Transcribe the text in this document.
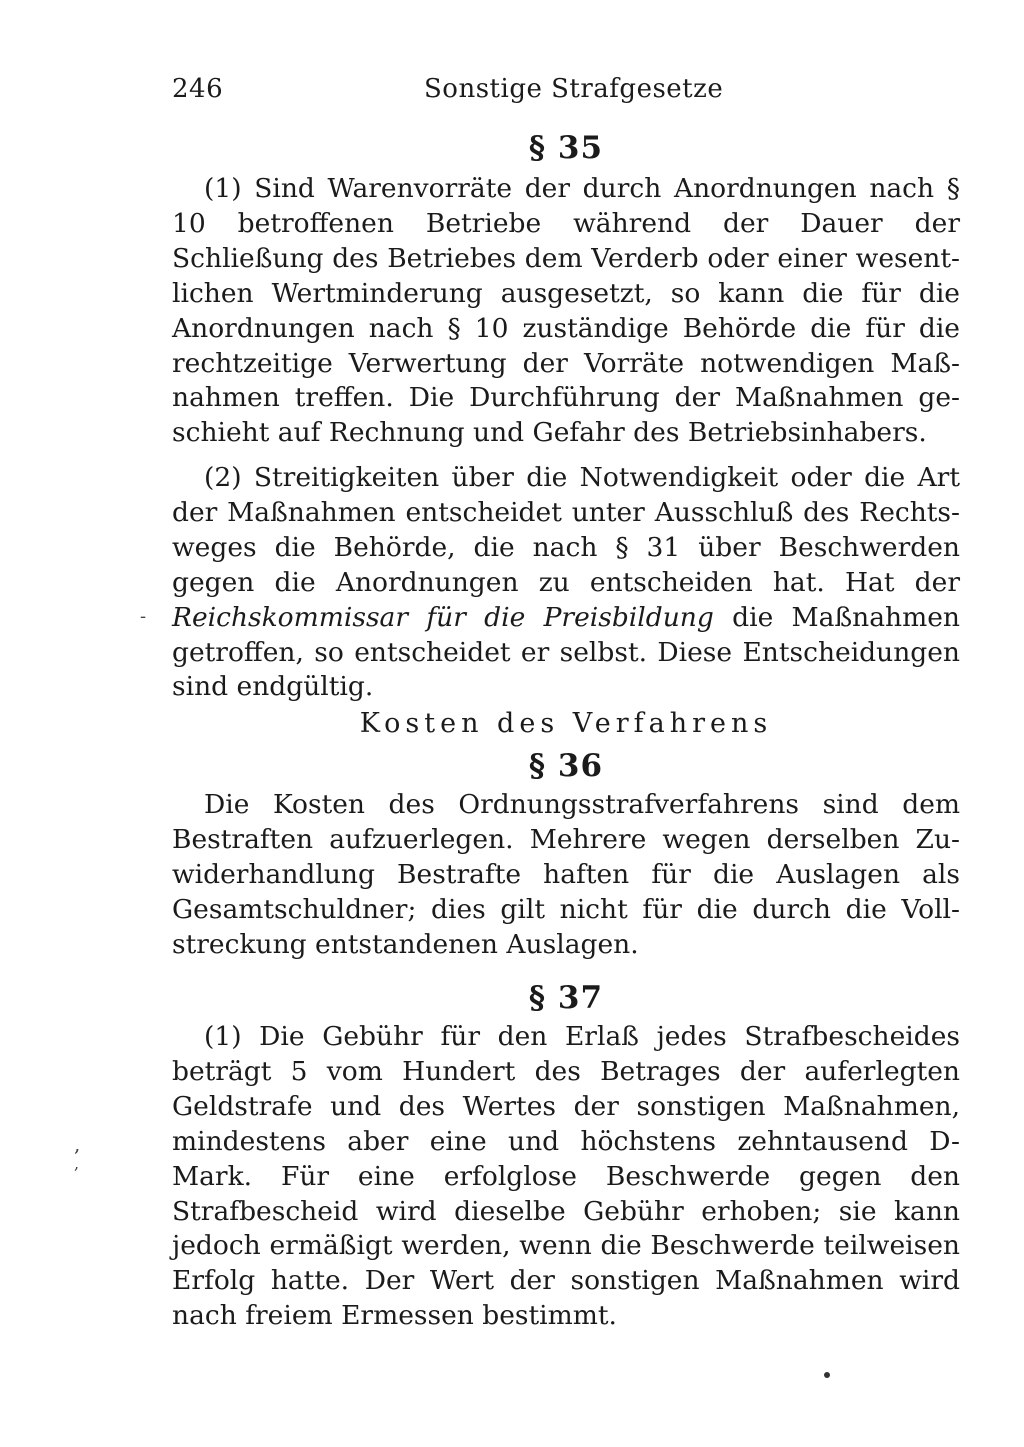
246	Sonstige Strafgesetze
§ 35

(1) Sind Warenvorräte der durch Anordnungen nach § 10 betroffenen Betriebe während der Dauer der Schließung des Betriebes dem Verderb oder einer wesentlichen Wertminderung ausgesetzt, so kann die für die Anordnungen nach § 10 zuständige Behörde die für die rechtzeitige Verwertung der Vorräte notwendigen Maßnahmen treffen. Die Durchführung der Maßnahmen geschieht auf Rechnung und Gefahr des Betriebsinhabers.

(2) Streitigkeiten über die Notwendigkeit oder die Art der Maßnahmen entscheidet unter Ausschluß des Rechtsweges die Behörde, die nach § 31 über Beschwerden gegen die Anordnungen zu entscheiden hat. Hat der Reichskommissar für die Preisbildung die Maßnahmen getroffen, so entscheidet er selbst. Diese Entscheidungen sind endgültig.

Kosten des Verfahrens
§ 36

Die Kosten des Ordnungsstrafverfahrens sind dem Bestraften aufzuerlegen. Mehrere wegen derselben Zuwiderhandlung Bestrafte haften für die Auslagen als Gesamtschuldner; dies gilt nicht für die durch die Vollstreckung entstandenen Auslagen.

§ 37

(1) Die Gebühr für den Erlaß jedes Strafbescheides beträgt 5 vom Hundert des Betrages der auferlegten Geldstrafe und des Wertes der sonstigen Maßnahmen, mindestens aber eine und höchstens zehntausend D-Mark. Für eine erfolglose Beschwerde gegen den Strafbescheid wird dieselbe Gebühr erhoben; sie kann jedoch ermäßigt werden, wenn die Beschwerde teilweisen Erfolg hatte. Der Wert der sonstigen Maßnahmen wird nach freiem Ermessen bestimmt.

-
,
,
